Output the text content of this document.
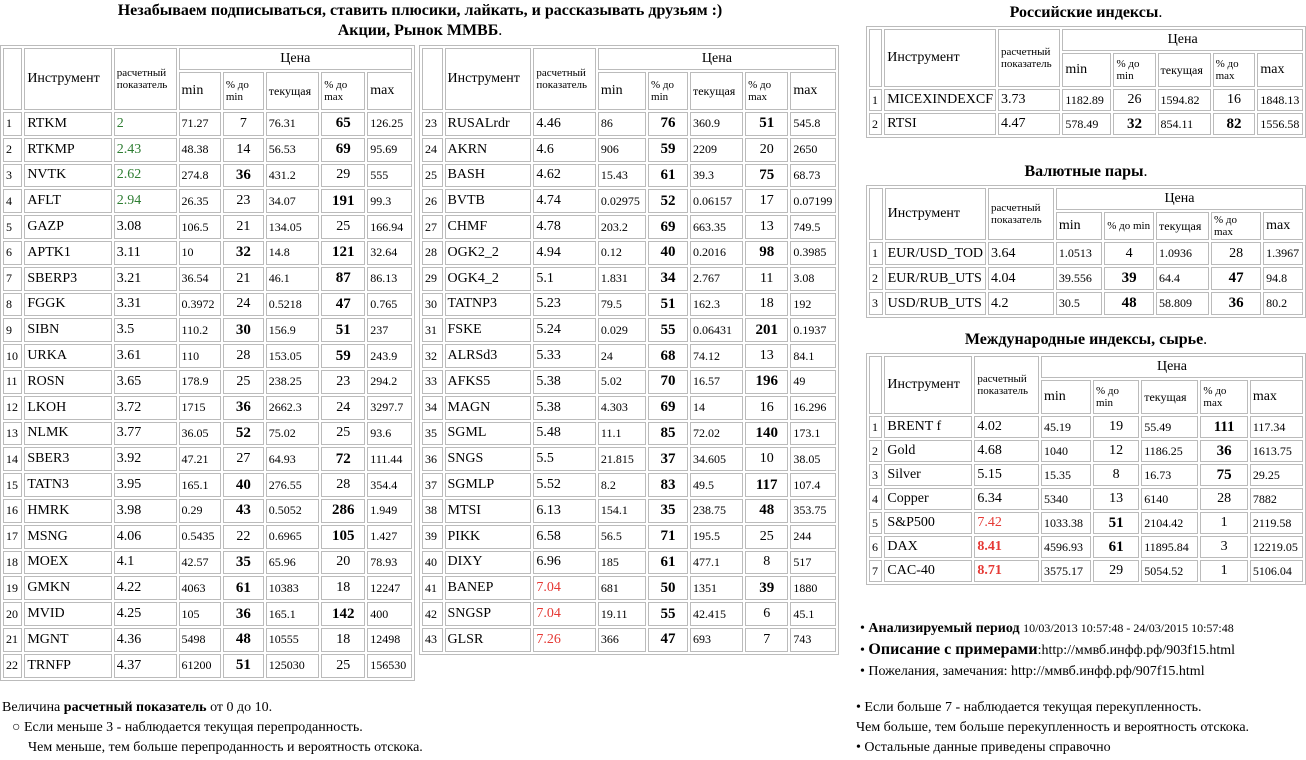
Незабываем подписываться, ставить плюсики, лайкать, и рассказывать друзьям :)
Акции, Рынок ММВБ.
	Инструмент	расчетный показатель	Цена				
			min	% до min	текущая	% до max	max
1	RTKM	2	71.27	7	76.31	65	126.25
2	RTKMP	2.43	48.38	14	56.53	69	95.69
3	NVTK	2.62	274.8	36	431.2	29	555
4	AFLT	2.94	26.35	23	34.07	191	99.3
5	GAZP	3.08	106.5	21	134.05	25	166.94
6	APTK1	3.11	10	32	14.8	121	32.64
7	SBERP3	3.21	36.54	21	46.1	87	86.13
8	FGGK	3.31	0.3972	24	0.5218	47	0.765
9	SIBN	3.5	110.2	30	156.9	51	237
10	URKA	3.61	110	28	153.05	59	243.9
11	ROSN	3.65	178.9	25	238.25	23	294.2
12	LKOH	3.72	1715	36	2662.3	24	3297.7
13	NLMK	3.77	36.05	52	75.02	25	93.6
14	SBER3	3.92	47.21	27	64.93	72	111.44
15	TATN3	3.95	165.1	40	276.55	28	354.4
16	HMRK	3.98	0.29	43	0.5052	286	1.949
17	MSNG	4.06	0.5435	22	0.6965	105	1.427
18	MOEX	4.1	42.57	35	65.96	20	78.93
19	GMKN	4.22	4063	61	10383	18	12247
20	MVID	4.25	105	36	165.1	142	400
21	MGNT	4.36	5498	48	10555	18	12498
22	TRNFP	4.37	61200	51	125030	25	156530
	Инструмент	расчетный показатель	Цена				
			min	% до min	текущая	% до max	max
23	RUSALrdr	4.46	86	76	360.9	51	545.8
24	AKRN	4.6	906	59	2209	20	2650
25	BASH	4.62	15.43	61	39.3	75	68.73
26	BVTB	4.74	0.02975	52	0.06157	17	0.07199
27	CHMF	4.78	203.2	69	663.35	13	749.5
28	OGK2_2	4.94	0.12	40	0.2016	98	0.3985
29	OGK4_2	5.1	1.831	34	2.767	11	3.08
30	TATNP3	5.23	79.5	51	162.3	18	192
31	FSKE	5.24	0.029	55	0.06431	201	0.1937
32	ALRSd3	5.33	24	68	74.12	13	84.1
33	AFKS5	5.38	5.02	70	16.57	196	49
34	MAGN	5.38	4.303	69	14	16	16.296
35	SGML	5.48	11.1	85	72.02	140	173.1
36	SNGS	5.5	21.815	37	34.605	10	38.05
37	SGMLP	5.52	8.2	83	49.5	117	107.4
38	MTSI	6.13	154.1	35	238.75	48	353.75
39	PIKK	6.58	56.5	71	195.5	25	244
40	DIXY	6.96	185	61	477.1	8	517
41	BANEP	7.04	681	50	1351	39	1880
42	SNGSP	7.04	19.11	55	42.415	6	45.1
43	GLSR	7.26	366	47	693	7	743
Российские индексы.
	Инструмент	расчетный показатель	Цена				
			min	% до min	текущая	% до max	max
1	MICEXINDEXCF	3.73	1182.89	26	1594.82	16	1848.13
2	RTSI	4.47	578.49	32	854.11	82	1556.58
Валютные пары.
	Инструмент	расчетный показатель	Цена				
			min	% до min	текущая	% до max	max
1	EUR/USD_TOD	3.64	1.0513	4	1.0936	28	1.3967
2	EUR/RUB_UTS	4.04	39.556	39	64.4	47	94.8
3	USD/RUB_UTS	4.2	30.5	48	58.809	36	80.2
Международные индексы, сырье.
	Инструмент	расчетный показатель	Цена				
			min	% до min	текущая	% до max	max
1	BRENT f	4.02	45.19	19	55.49	111	117.34
2	Gold	4.68	1040	12	1186.25	36	1613.75
3	Silver	5.15	15.35	8	16.73	75	29.25
4	Copper	6.34	5340	13	6140	28	7882
5	S&P500	7.42	1033.38	51	2104.42	1	2119.58
6	DAX	8.41	4596.93	61	11895.84	3	12219.05
7	CAC-40	8.71	3575.17	29	5054.52	1	5106.04
• Анализируемый период 10/03/2013 10:57:48 - 24/03/2015 10:57:48
• Описание с примерами:http://ммвб.инфф.рф/903f15.html
• Пожелания, замечания: http://ммвб.инфф.рф/907f15.html
Величина расчетный показатель от 0 до 10.
○ Если меньше 3 - наблюдается текущая перепроданность.
Чем меньше, тем больше перепроданность и вероятность отскока.
• Если больше 7 - наблюдается текущая перекупленность.
Чем больше, тем больше перекупленность и вероятность отскока.
• Остальные данные приведены справочно
